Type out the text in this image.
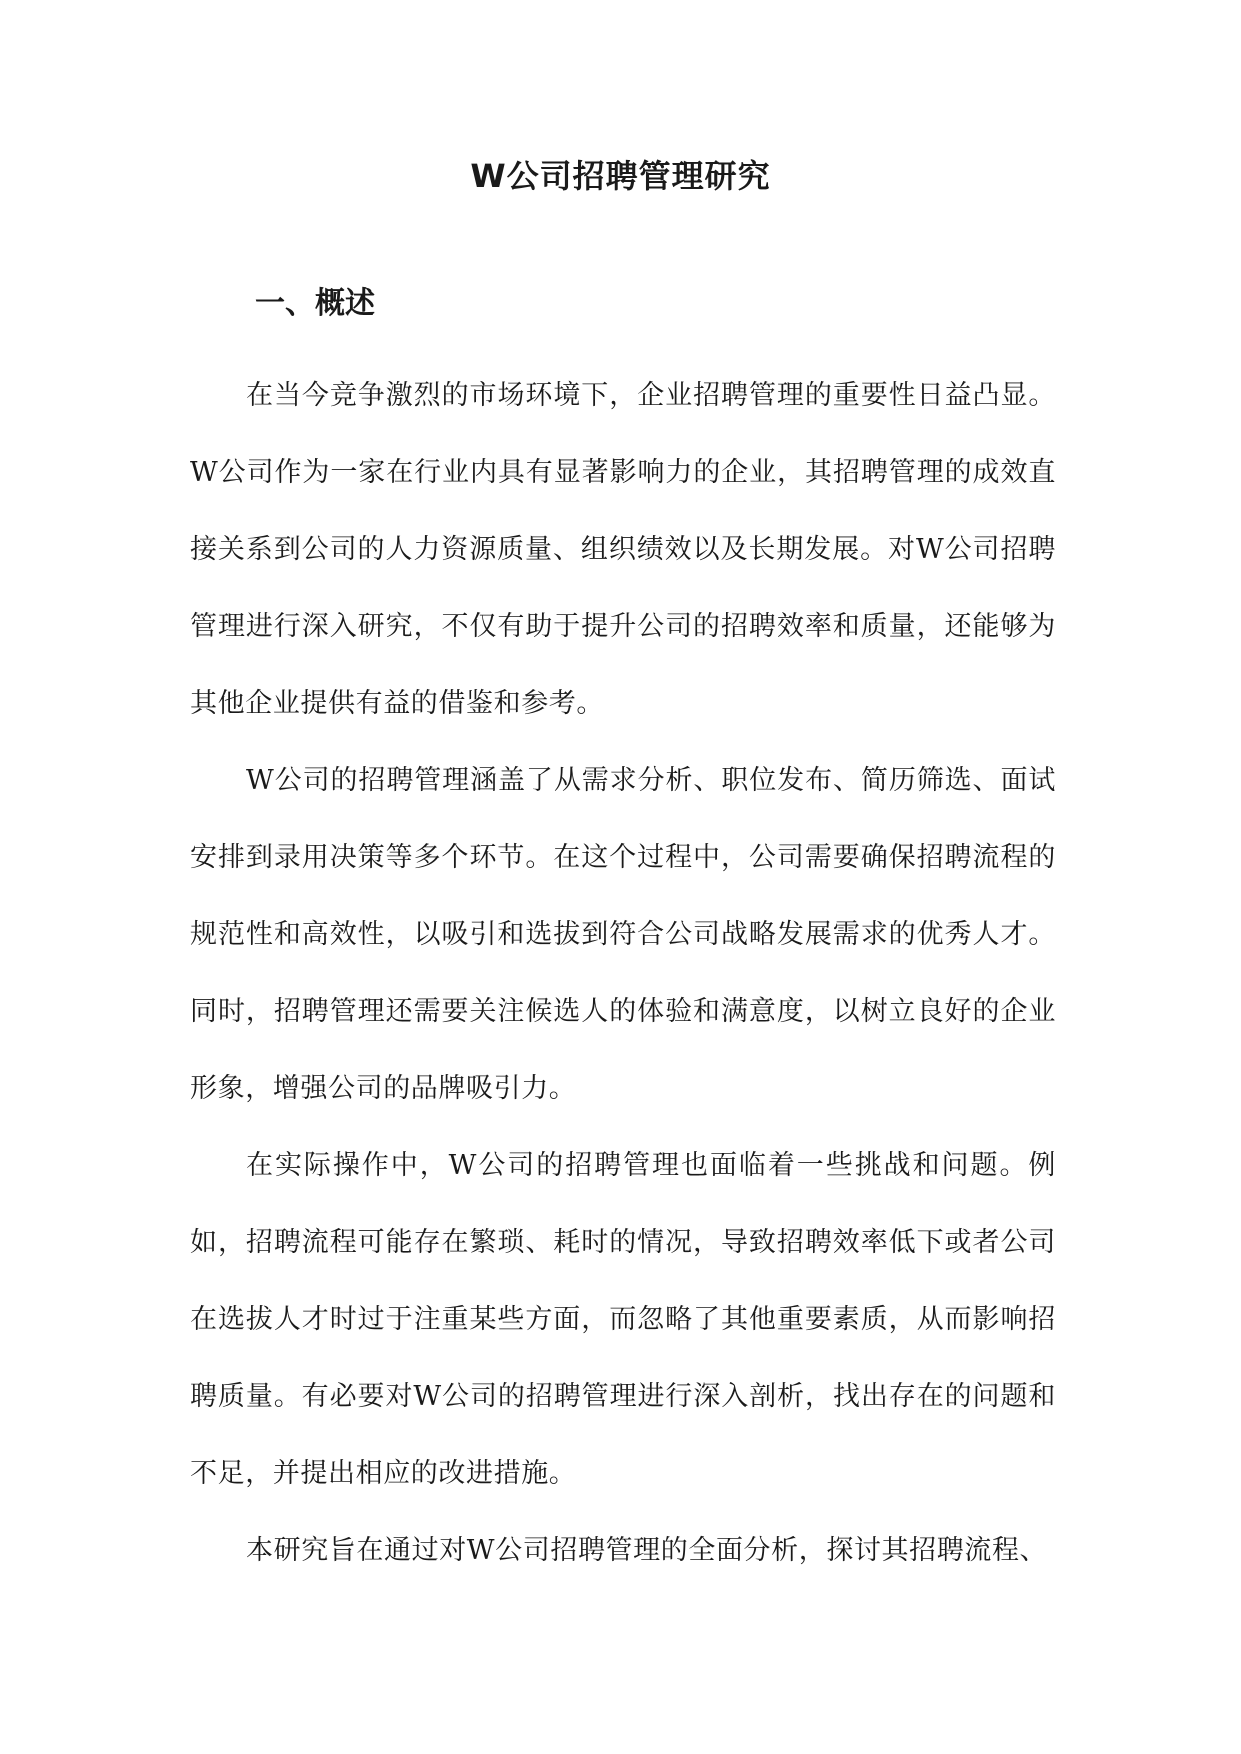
W公司招聘管理研究
一、概述

在当今竞争激烈的市场环境下，企业招聘管理的重要性日益凸显。W公司作为一家在行业内具有显著影响力的企业，其招聘管理的成效直接关系到公司的人力资源质量、组织绩效以及长期发展。对W公司招聘管理进行深入研究，不仅有助于提升公司的招聘效率和质量，还能够为其他企业提供有益的借鉴和参考。

W公司的招聘管理涵盖了从需求分析、职位发布、简历筛选、面试安排到录用决策等多个环节。在这个过程中，公司需要确保招聘流程的规范性和高效性，以吸引和选拔到符合公司战略发展需求的优秀人才。同时，招聘管理还需要关注候选人的体验和满意度，以树立良好的企业形象，增强公司的品牌吸引力。

在实际操作中，W公司的招聘管理也面临着一些挑战和问题。例如，招聘流程可能存在繁琐、耗时的情况，导致招聘效率低下或者公司在选拔人才时过于注重某些方面，而忽略了其他重要素质，从而影响招聘质量。有必要对W公司的招聘管理进行深入剖析，找出存在的问题和不足，并提出相应的改进措施。

本研究旨在通过对W公司招聘管理的全面分析，探讨其招聘流程、
